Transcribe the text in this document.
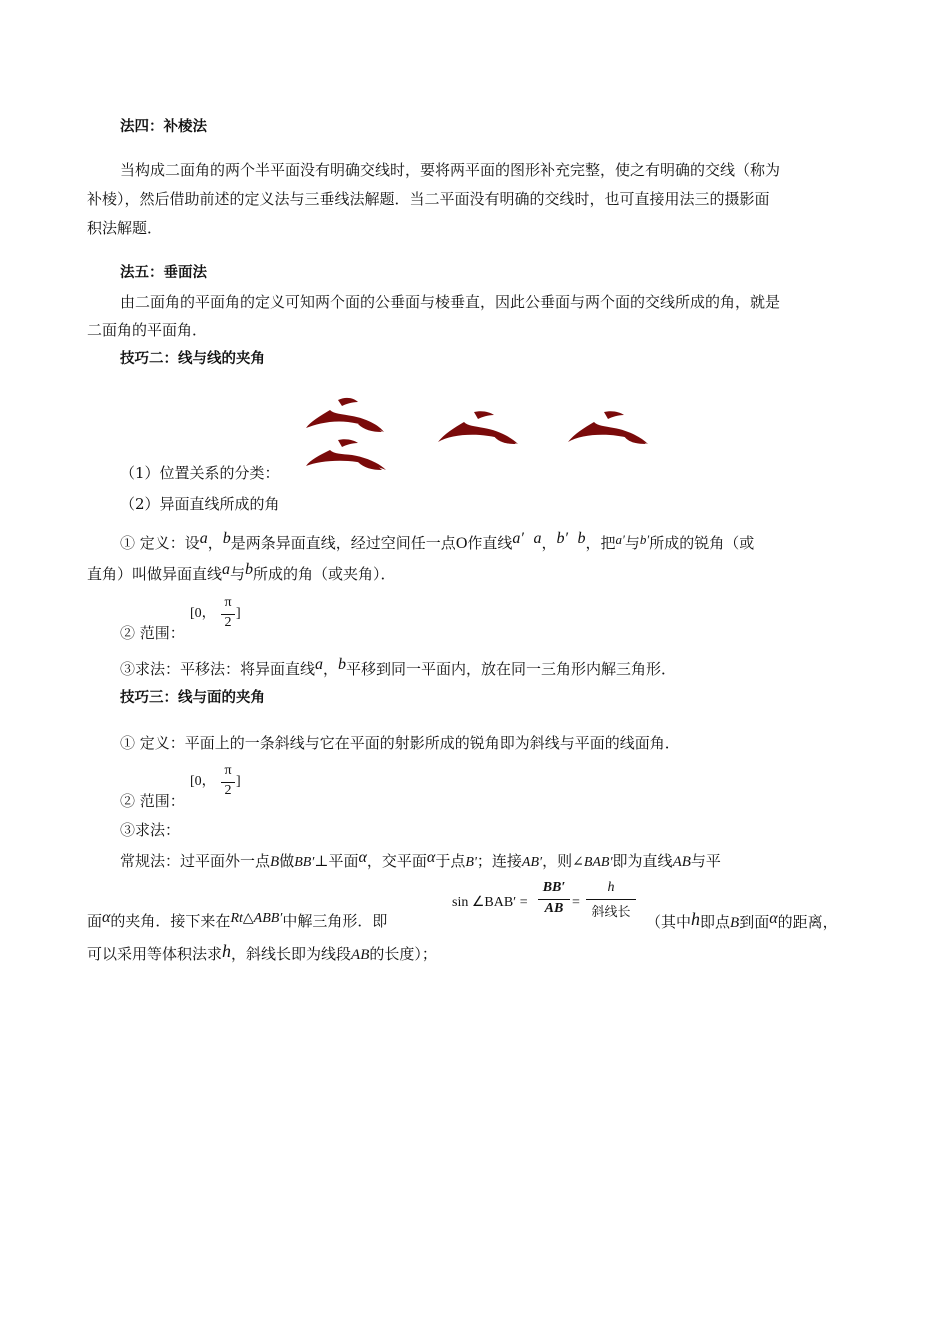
法四：补棱法
当构成二面角的两个半平面没有明确交线时，要将两平面的图形补充完整，使之有明确的交线（称为
补棱），然后借助前述的定义法与三垂线法解题．当二平面没有明确的交线时，也可直接用法三的摄影面
积法解题．
法五：垂面法
由二面角的平面角的定义可知两个面的公垂面与棱垂直，因此公垂面与两个面的交线所成的角，就是
二面角的平面角．
技巧二：线与线的夹角
（1）位置关系的分类：
（2）异面直线所成的角
① 定义：设a，b是两条异面直线，经过空间任一点O作直线a′ a，b′ b，把a′与b′所成的锐角（或
直角）叫做异面直线a与b所成的角（或夹角）．
② 范围：
[0，
π
2
]
③求法：平移法：将异面直线a，b平移到同一平面内，放在同一三角形内解三角形．
技巧三：线与面的夹角
① 定义：平面上的一条斜线与它在平面的射影所成的锐角即为斜线与平面的线面角．
② 范围：
[0，
π
2
]
③求法：
常规法：过平面外一点B做BB′⊥平面α，交平面α于点B'；连接AB′，则∠BAB′即为直线AB与平
sin ∠BAB′ =
BB′
AB =
h
斜线长
面α的夹角．接下来在Rt△ABB′中解三角形．即	（其中h即点B到面α的距离，
可以采用等体积法求h，斜线长即为线段AB的长度）；
